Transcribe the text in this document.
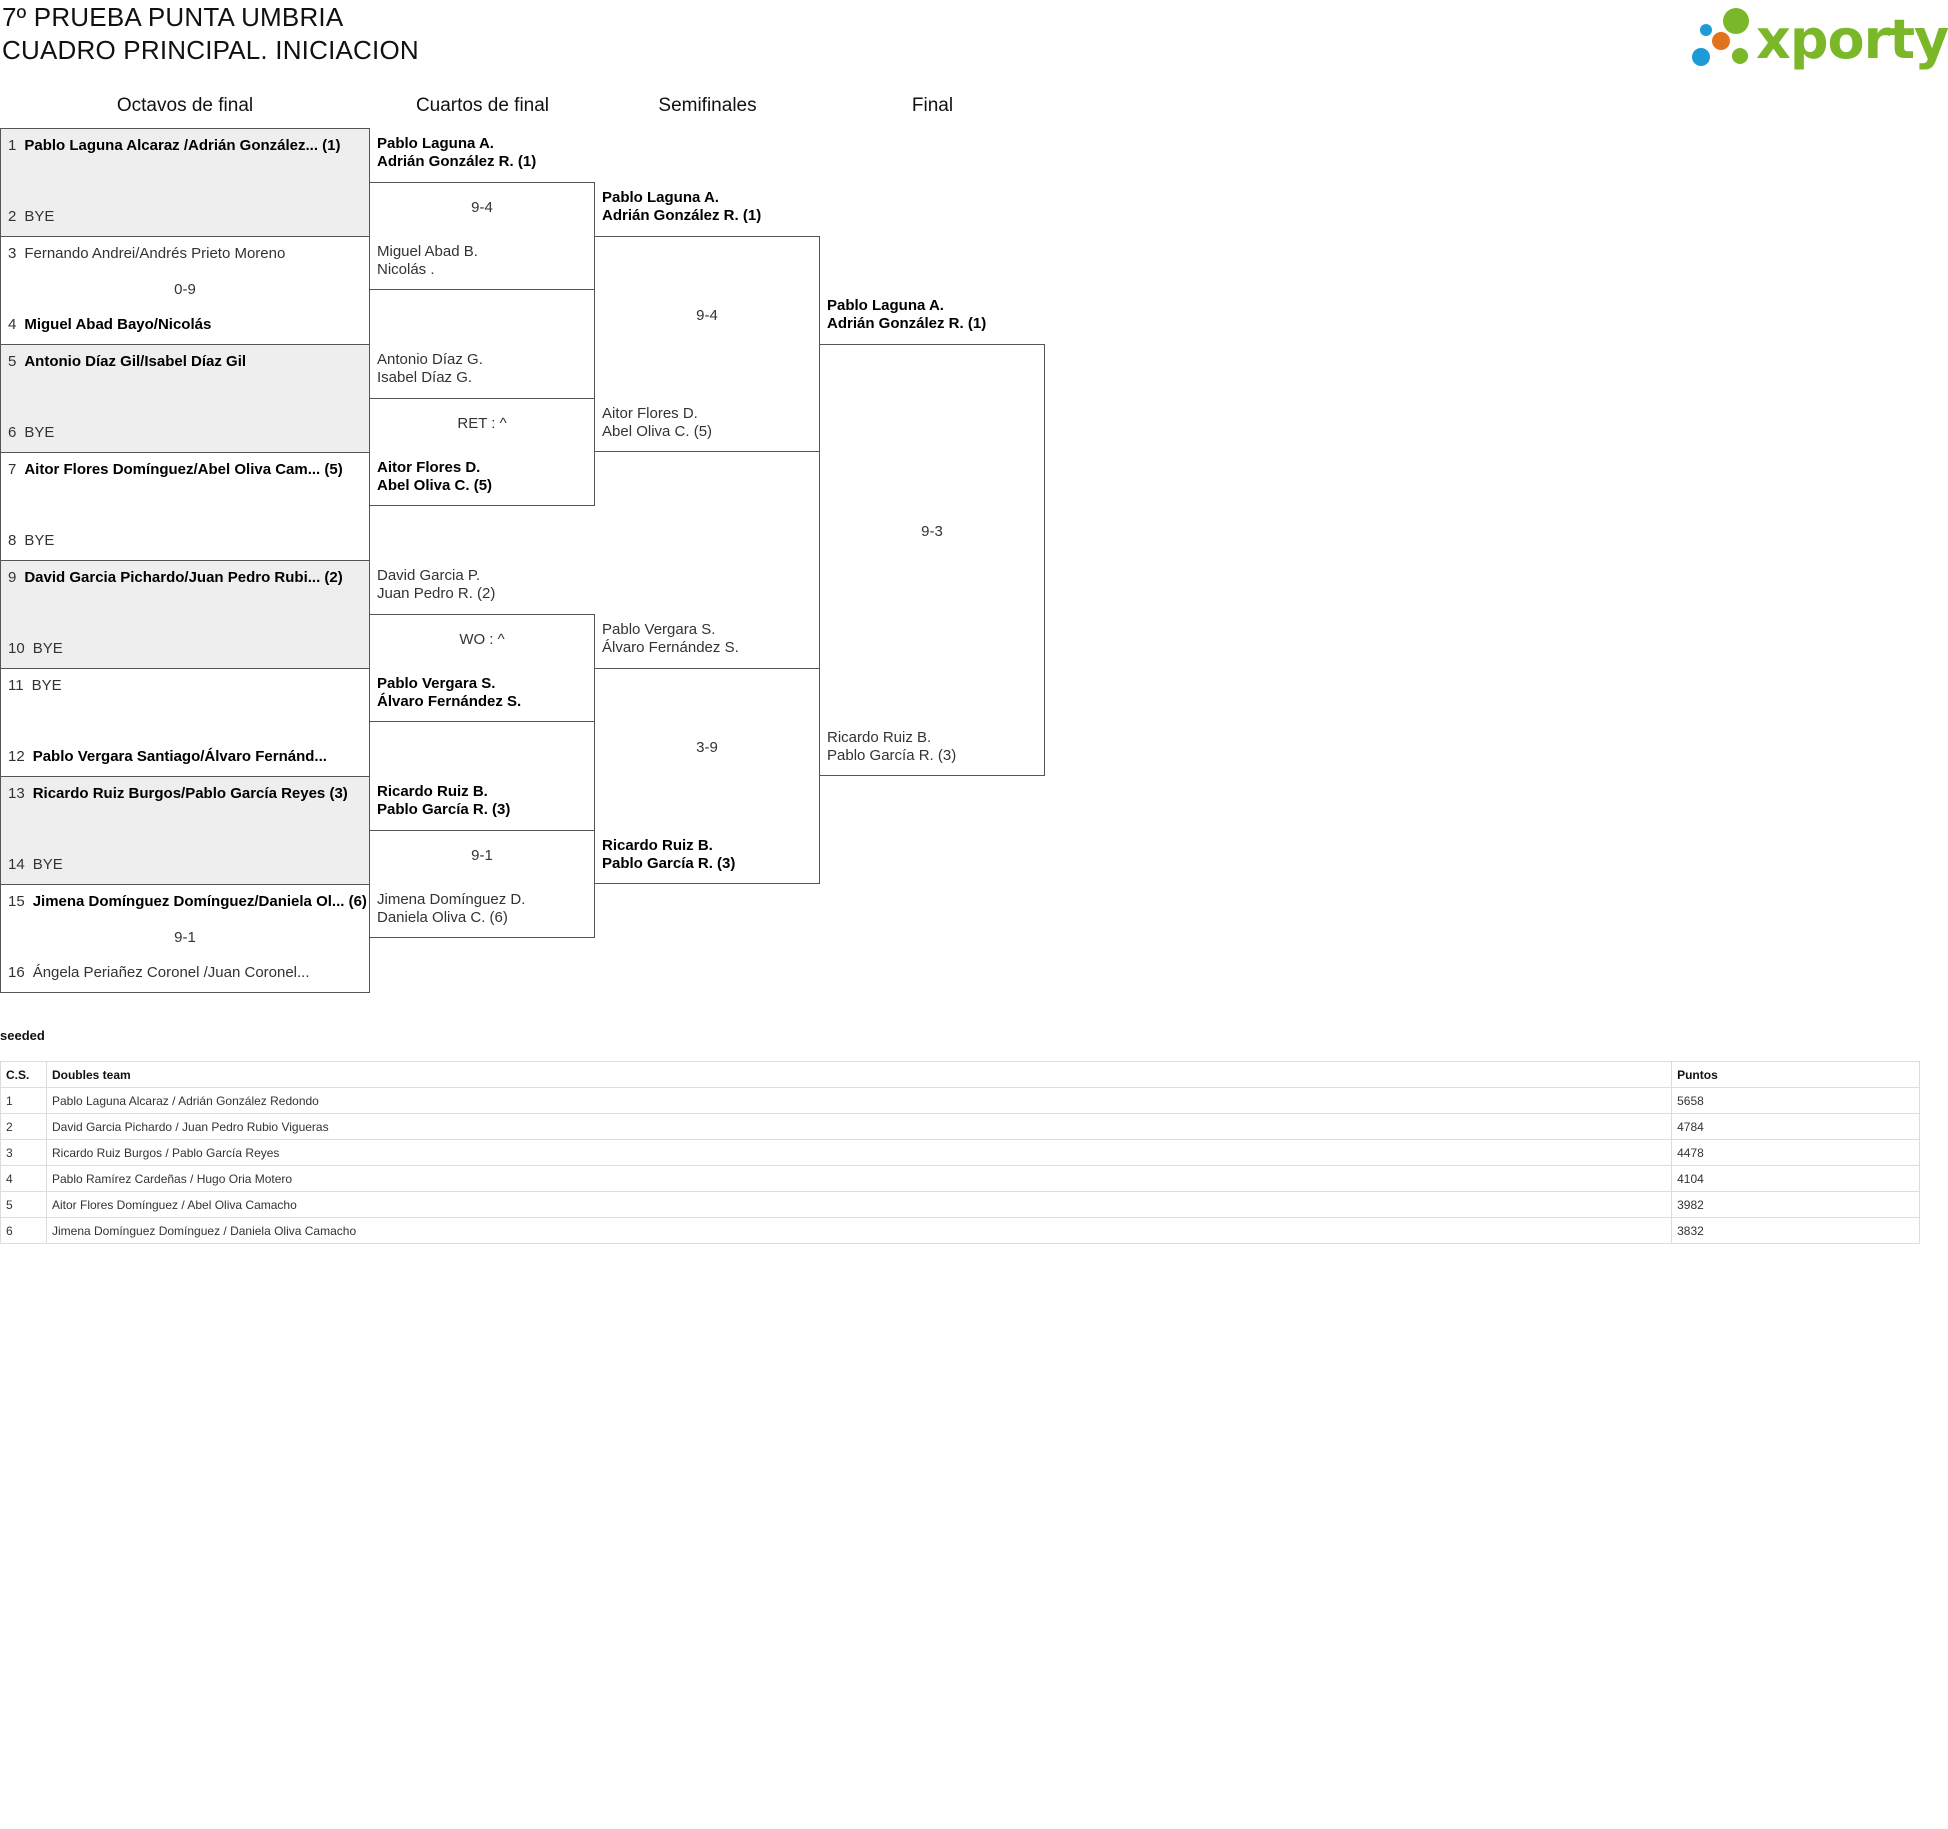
7º PRUEBA PUNTA UMBRIA
CUADRO PRINCIPAL. INICIACION	xporty
Octavos de final	Cuartos de final	Semifinales	Final
1 Pablo Laguna Alcaraz /Adrián González... (1)
2 BYE
3 Fernando Andrei/Andrés Prieto Moreno
0-9
4 Miguel Abad Bayo/Nicolás
5 Antonio Díaz Gil/Isabel Díaz Gil
6 BYE
7 Aitor Flores Domínguez/Abel Oliva Cam... (5)
8 BYE
9 David Garcia Pichardo/Juan Pedro Rubi... (2)
10 BYE
11 BYE
12 Pablo Vergara Santiago/Álvaro Fernánd...
13 Ricardo Ruiz Burgos/Pablo García Reyes (3)
14 BYE
15 Jimena Domínguez Domínguez/Daniela Ol... (6)
9-1
16 Ángela Periañez Coronel /Juan Coronel...
Pablo Laguna A.
Adrián González R. (1)
9-4
Miguel Abad B.
Nicolás .
Antonio Díaz G.
Isabel Díaz G.
RET : ^
Aitor Flores D.
Abel Oliva C. (5)
David Garcia P.
Juan Pedro R. (2)
WO : ^
Pablo Vergara S.
Álvaro Fernández S.
Ricardo Ruiz B.
Pablo García R. (3)
9-1
Jimena Domínguez D.
Daniela Oliva C. (6)
Pablo Laguna A.
Adrián González R. (1)
9-4
Aitor Flores D.
Abel Oliva C. (5)
Pablo Vergara S.
Álvaro Fernández S.
3-9
Ricardo Ruiz B.
Pablo García R. (3)
Pablo Laguna A.
Adrián González R. (1)
9-3
Ricardo Ruiz B.
Pablo García R. (3)
seeded
C.S.	Doubles team	Puntos
1	Pablo Laguna Alcaraz / Adrián González Redondo	5658
2	David Garcia Pichardo / Juan Pedro Rubio Vigueras	4784
3	Ricardo Ruiz Burgos / Pablo García Reyes	4478
4	Pablo Ramírez Cardeñas / Hugo Oria Motero	4104
5	Aitor Flores Domínguez / Abel Oliva Camacho	3982
6	Jimena Domínguez Domínguez / Daniela Oliva Camacho	3832
